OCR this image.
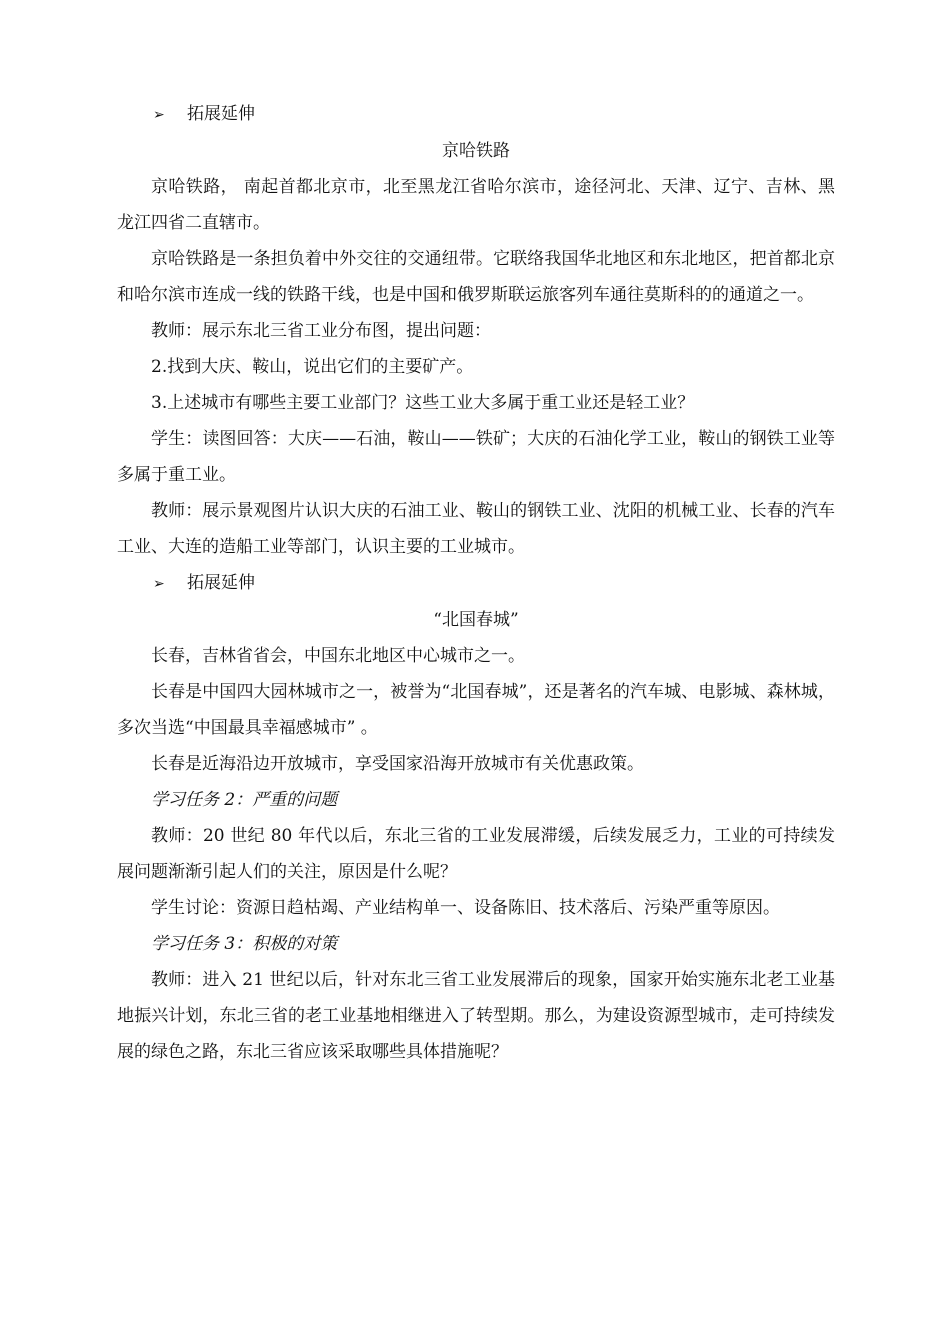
➢ 拓展延伸

京哈铁路

京哈铁路， 南起首都北京市，北至黑龙江省哈尔滨市，途径河北、天津、辽宁、吉林、黑龙江四省二直辖市。

京哈铁路是一条担负着中外交往的交通纽带。它联络我国华北地区和东北地区，把首都北京和哈尔滨市连成一线的铁路干线，也是中国和俄罗斯联运旅客列车通往莫斯科的的通道之一。

教师：展示东北三省工业分布图，提出问题：

2.找到大庆、鞍山，说出它们的主要矿产。

3.上述城市有哪些主要工业部门？这些工业大多属于重工业还是轻工业？

学生：读图回答：大庆——石油，鞍山——铁矿；大庆的石油化学工业，鞍山的钢铁工业等多属于重工业。

教师：展示景观图片认识大庆的石油工业、鞍山的钢铁工业、沈阳的机械工业、长春的汽车工业、大连的造船工业等部门，认识主要的工业城市。

➢ 拓展延伸

“北国春城”

长春，吉林省省会，中国东北地区中心城市之一。

长春是中国四大园林城市之一，被誉为“北国春城”，还是著名的汽车城、电影城、森林城，多次当选“中国最具幸福感城市” 。

长春是近海沿边开放城市，享受国家沿海开放城市有关优惠政策。

学习任务 2：严重的问题

教师：20 世纪 80 年代以后，东北三省的工业发展滞缓，后续发展乏力，工业的可持续发展问题渐渐引起人们的关注，原因是什么呢？

学生讨论：资源日趋枯竭、产业结构单一、设备陈旧、技术落后、污染严重等原因。

学习任务 3：积极的对策

教师：进入 21 世纪以后，针对东北三省工业发展滞后的现象，国家开始实施东北老工业基地振兴计划，东北三省的老工业基地相继进入了转型期。那么，为建设资源型城市，走可持续发展的绿色之路，东北三省应该采取哪些具体措施呢？
